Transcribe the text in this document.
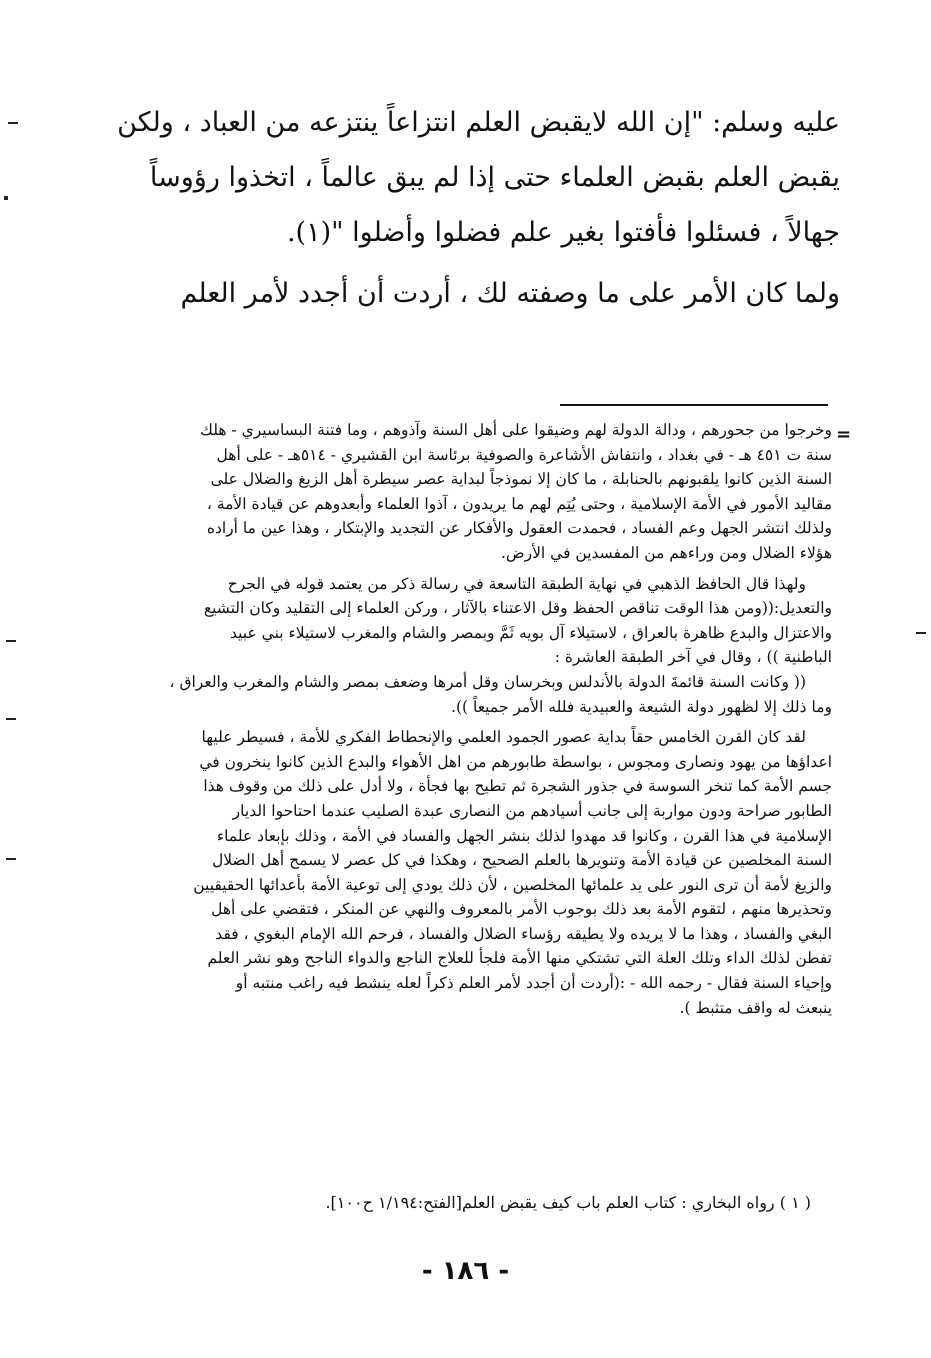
عليه وسلم: "إن الله لايقبض العلم انتزاعاً ينتزعه من العباد ، ولكن
يقبض العلم بقبض العلماء حتى إذا لم يبق عالماً ، اتخذوا رؤوساً
جهالاً ، فسئلوا فأفتوا بغير علم فضلوا وأضلوا "(١).
ولما كان الأمر على ما وصفته لك ، أردت أن أجدد لأمر العلم
=
وخرجوا من جحورهم ، ودالة الدولة لهم وضيقوا على أهل السنة وآذوهم ، وما فتنة البساسيري - هلك
سنة ت ٤٥١ هـ - في بغداد ، وانتفاش الأشاعرة والصوفية برئاسة ابن القشيري - ٥١٤هـ - على أهل
السنة الذين كانوا يلقبونهم بالحنابلة ، ما كان إلا نموذجاً لبداية عصر سيطرة أهل الزيغ والضلال على
مقاليد الأمور في الأمة الإسلامية ، وحتى يُتِم لهم ما يريدون ، آذوا العلماء وأبعدوهم عن قيادة الأمة ،
ولذلك انتشر الجهل وعم الفساد ، فحمدت العقول والأفكار عن التجديد والإبتكار ، وهذا عين ما أراده
هؤلاء الضلال ومن وراءهم من المفسدين في الأرض.
ولهذا قال الحافظ الذهبي في نهاية الطبقة التاسعة في رسالة ذكر من يعتمد قوله في الجرح
والتعديل:((ومن هذا الوقت تناقص الحفظ وقل الاعتناء بالآثار ، وركن العلماء إلى التقليد وكان التشيع
والاعتزال والبدع ظاهرة بالعراق ، لاستيلاء آل بويه ثَمَّ وبمصر والشام والمغرب لاستيلاء بني عبيد
الباطنية )) ، وقال في آخر الطبقة العاشرة :
(( وكانت السنة قائمةَ الدولة بالأندلس وبخرسان وقل أمرها وضعف بمصر والشام والمغرب والعراق ،
وما ذلك إلا لظهور دولة الشيعة والعبيدية فلله الأمر جميعاً )).
لقد كان القرن الخامس حقاً بداية عصور الجمود العلمي والإنحطاط الفكري للأمة ، فسيطر عليها
اعداؤها من يهود ونصارى ومجوس ، بواسطة طابورهم من اهل الأهواء والبدع الذين كانوا ينخرون في
جسم الأمة كما تنخر السوسة في جذور الشجرة ثم تطيح بها فجأة ، ولا أدل على ذلك من وقوف هذا
الطابور صراحة ودون مواربة إلى جانب أسيادهم من النصارى عبدة الصليب عندما احتاحوا الديار
الإسلامية في هذا القرن ، وكانوا قد مهدوا لذلك بنشر الجهل والفساد في الأمة ، وذلك بإبعاد علماء
السنة المخلصين عن قيادة الأمة وتنويرها بالعلم الصحيح ، وهكذا في كل عصر لا يسمح أهل الضلال
والزيغ لأمة أن ترى النور على يد علمائها المخلصين ، لأن ذلك يودي إلى توعية الأمة بأعدائها الحقيقيين
وتحذيرها منهم ، لتقوم الأمة بعد ذلك بوجوب الأمر بالمعروف والنهي عن المنكر ، فتقضي على أهل
البغي والفساد ، وهذا ما لا يريده ولا يطيقه رؤساء الضلال والفساد ، فرحم الله الإمام البغوي ، فقد
تفطن لذلك الداء وتلك العلة التي تشتكي منها الأمة فلجأ للعلاج الناجع والدواء الناجح وهو نشر العلم
وإحياء السنة فقال - رحمه الله - :(أردت أن أجدد لأمر العلم ذكراً لعله ينشط فيه راغب منتبه أو
ينبعث له واقف متثبط ).
( ١ ) رواه البخاري : كتاب العلم باب كيف يقبض العلم[الفتح:١/١٩٤ ح١٠٠].
- ١٨٦ -
